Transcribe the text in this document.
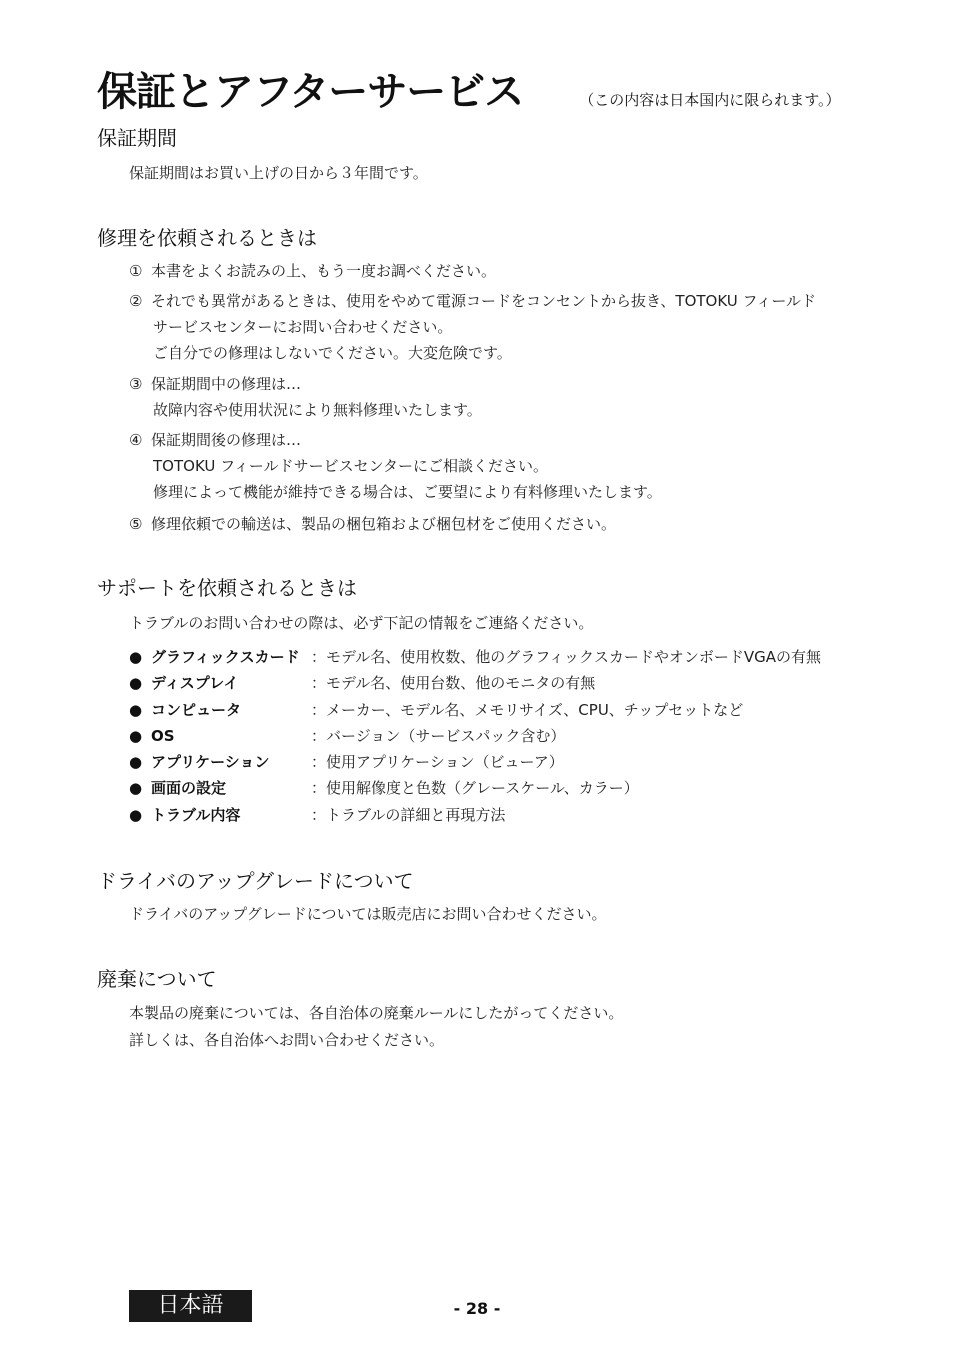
保証とアフターサービス	（この内容は日本国内に限られます。）
保証期間
保証期間はお買い上げの日から３年間です。
修理を依頼されるときは
① 本書をよくお読みの上、もう一度お調べください。
② それでも異常があるときは、使用をやめて電源コードをコンセントから抜き、TOTOKU フィールド
サービスセンターにお問い合わせください。
ご自分での修理はしないでください。大変危険です。
③ 保証期間中の修理は…
故障内容や使用状況により無料修理いたします。
④ 保証期間後の修理は…
TOTOKU フィールドサービスセンターにご相談ください。
修理によって機能が維持できる場合は、ご要望により有料修理いたします。
⑤ 修理依頼での輸送は、製品の梱包箱および梱包材をご使用ください。
サポートを依頼されるときは
トラブルのお問い合わせの際は、必ず下記の情報をご連絡ください。
● グラフィックスカード ：モデル名、使用枚数、他のグラフィックスカードやオンボードVGAの有無
● ディスプレイ	：モデル名、使用台数、他のモニタの有無
● コンピュータ	：メーカー、モデル名、メモリサイズ、CPU、チップセットなど
● OS	：バージョン（サービスパック含む）
● アプリケーション	：使用アプリケーション（ビューア）
● 画面の設定	：使用解像度と色数（グレースケール、カラー）
● トラブル内容	：トラブルの詳細と再現方法
ドライバのアップグレードについて
ドライバのアップグレードについては販売店にお問い合わせください。
廃棄について
本製品の廃棄については、各自治体の廃棄ルールにしたがってください。
詳しくは、各自治体へお問い合わせください。
日本語	- 28 -
